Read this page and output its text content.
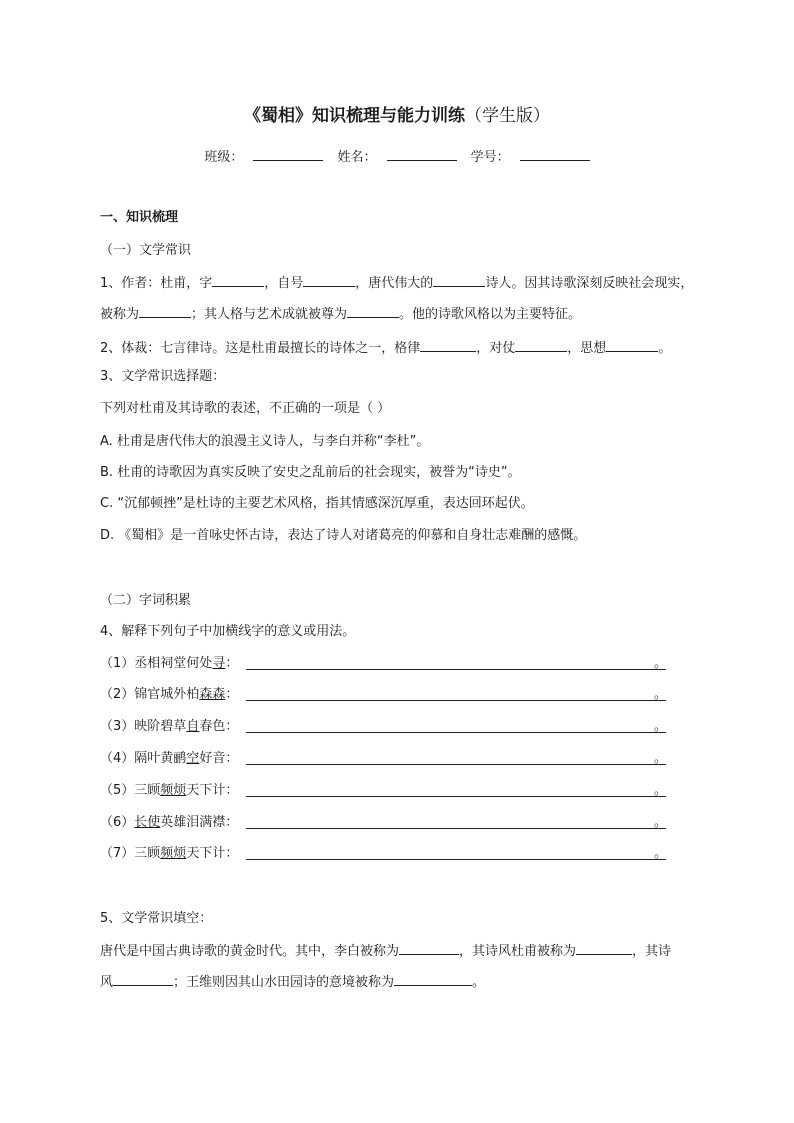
《蜀相》知识梳理与能力训练（学生版）
班级：	姓名：	学号：
一、知识梳理
（一）文学常识
1、作者：杜甫，字	，自号	，唐代伟大的	诗人。因其诗歌深刻反映社会现实，
被称为	；其人格与艺术成就被尊为	。他的诗歌风格以为主要特征。
2、体裁：七言律诗。这是杜甫最擅长的诗体之一，格律	，对仗	，思想	。
3、文学常识选择题：
下列对杜甫及其诗歌的表述，不正确的一项是（ ）
A. 杜甫是唐代伟大的浪漫主义诗人，与李白并称“李杜”。
B. 杜甫的诗歌因为真实反映了安史之乱前后的社会现实，被誉为“诗史”。
C. “沉郁顿挫”是杜诗的主要艺术风格，指其情感深沉厚重，表达回环起伏。
D. 《蜀相》是一首咏史怀古诗，表达了诗人对诸葛亮的仰慕和自身壮志难酬的感慨。
（二）字词积累
4、解释下列句子中加横线字的意义或用法。
（1）丞相祠堂何处寻：	。
（2）锦官城外柏森森：	。
（3）映阶碧草自春色：	。
（4）隔叶黄鹂空好音：	。
（5）三顾频烦天下计：	。
（6）长使英雄泪满襟：	。
（7）三顾频烦天下计：	。
5、文学常识填空：
唐代是中国古典诗歌的黄金时代。其中，李白被称为	，其诗风杜甫被称为	，其诗
风	；王维则因其山水田园诗的意境被称为	。
